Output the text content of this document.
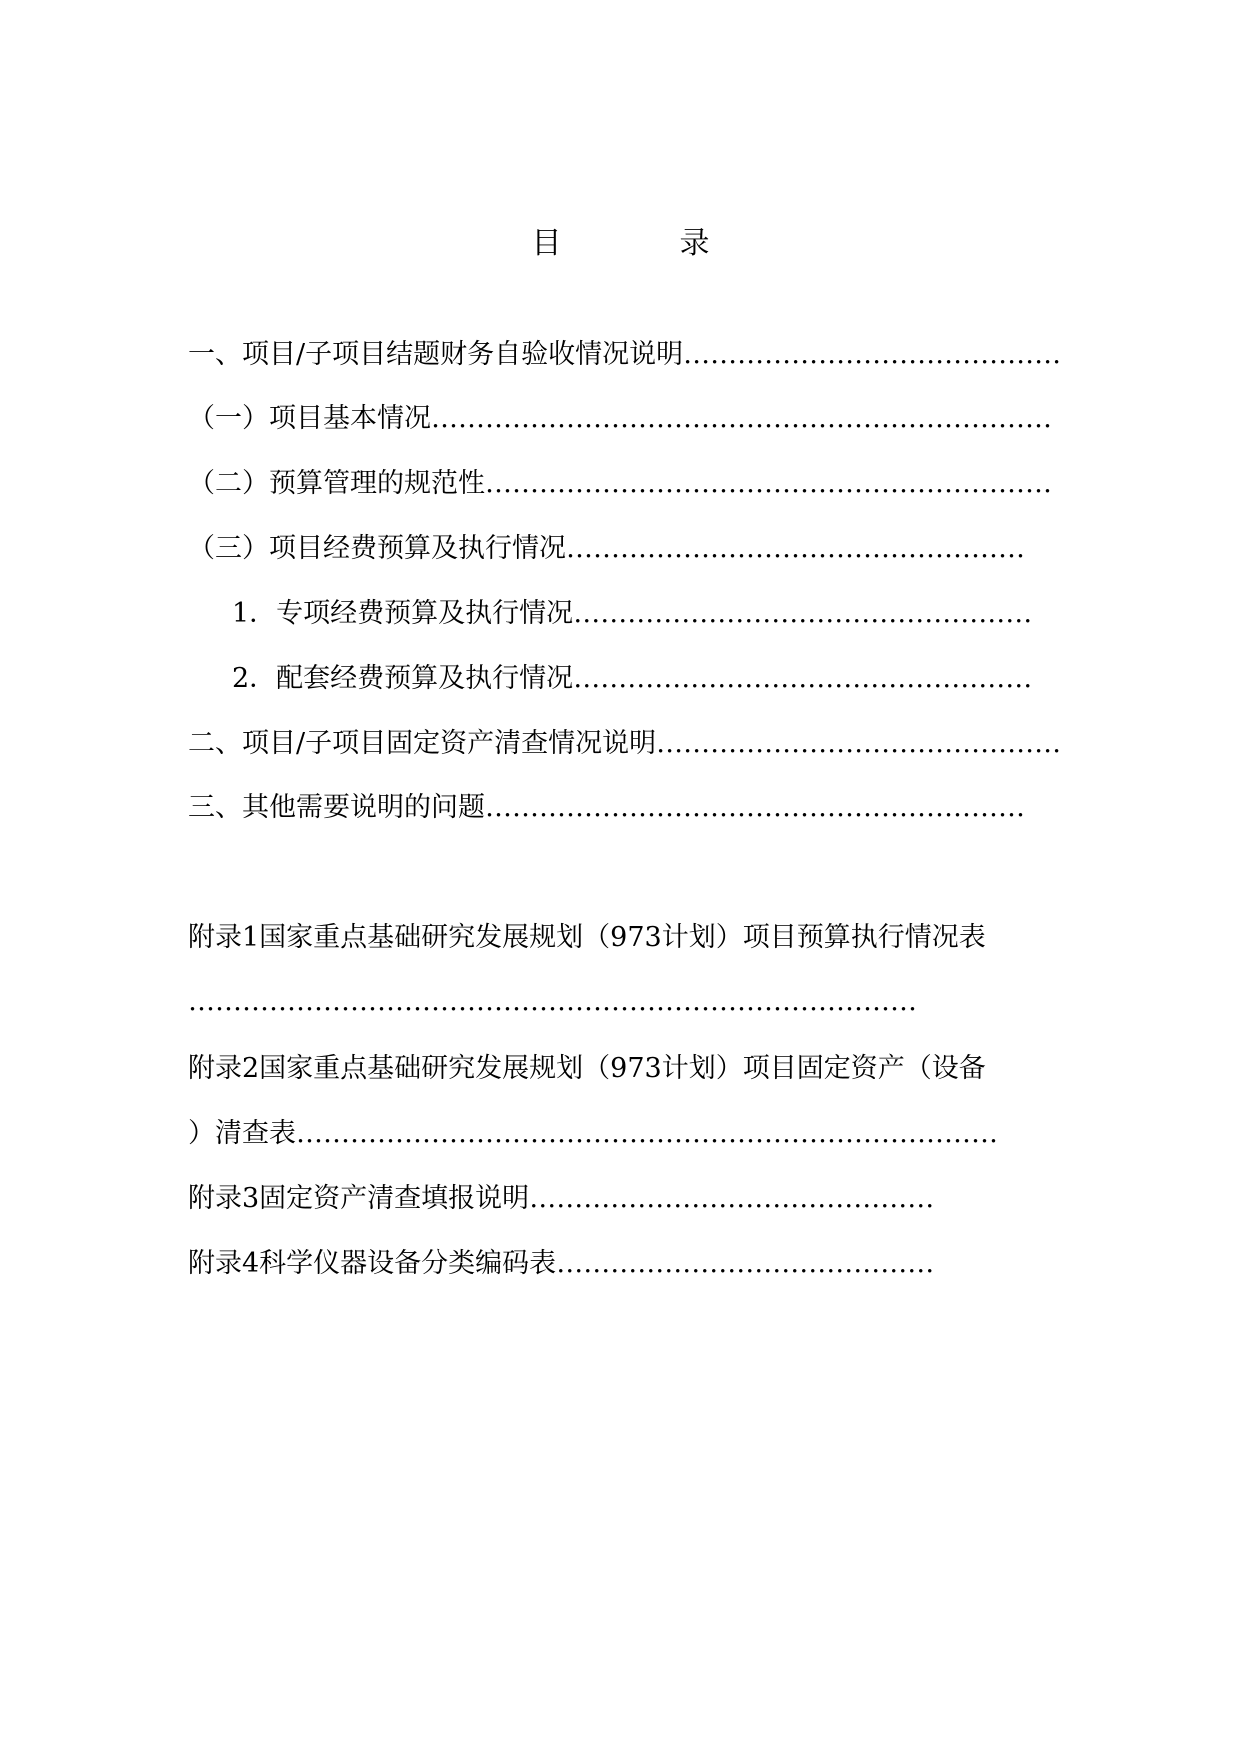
目　录
一、项目/子项目结题财务自验收情况说明……………………………………
（一）项目基本情况……………………………………………………………
（二）预算管理的规范性………………………………………………………
（三）项目经费预算及执行情况……………………………………………
1．专项经费预算及执行情况……………………………………………
2．配套经费预算及执行情况……………………………………………
二、项目/子项目固定资产清查情况说明………………………………………
三、其他需要说明的问题……………………………………………………
附录1国家重点基础研究发展规划（973计划）项目预算执行情况表
………………………………………………………………………
附录2国家重点基础研究发展规划（973计划）项目固定资产（设备
）清查表……………………………………………………………………
附录3固定资产清查填报说明………………………………………
附录4科学仪器设备分类编码表……………………………………
